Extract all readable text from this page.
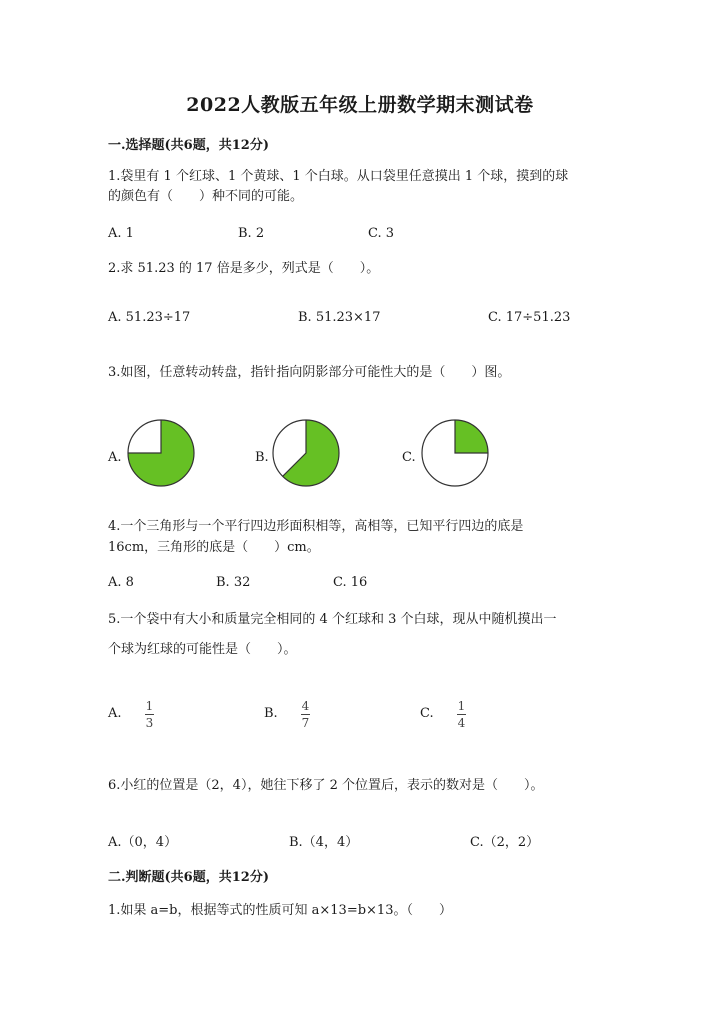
2022人教版五年级上册数学期末测试卷
一.选择题(共6题，共12分)
1.袋里有 1 个红球、1 个黄球、1 个白球。从口袋里任意摸出 1 个球，摸到的球
的颜色有（　　）种不同的可能。
A. 1	B. 2	C. 3
2.求 51.23 的 17 倍是多少，列式是（　　）。
A. 51.23÷17	B. 51.23×17	C. 17÷51.23
3.如图，任意转动转盘，指针指向阴影部分可能性大的是（　　）图。
A.	B.	C.
4.一个三角形与一个平行四边形面积相等，高相等，已知平行四边的底是
16cm，三角形的底是（　　）cm。
A. 8	B. 32	C. 16
5.一个袋中有大小和质量完全相同的 4 个红球和 3 个白球，现从中随机摸出一
个球为红球的可能性是（　　）。
A.	B.	C.
1
3
4
7
1
4
6.小红的位置是（2，4），她往下移了 2 个位置后，表示的数对是（　　）。
A.（0，4）	B.（4，4）	C.（2，2）
二.判断题(共6题，共12分)
1.如果 a=b，根据等式的性质可知 a×13=b×13。（　　）
